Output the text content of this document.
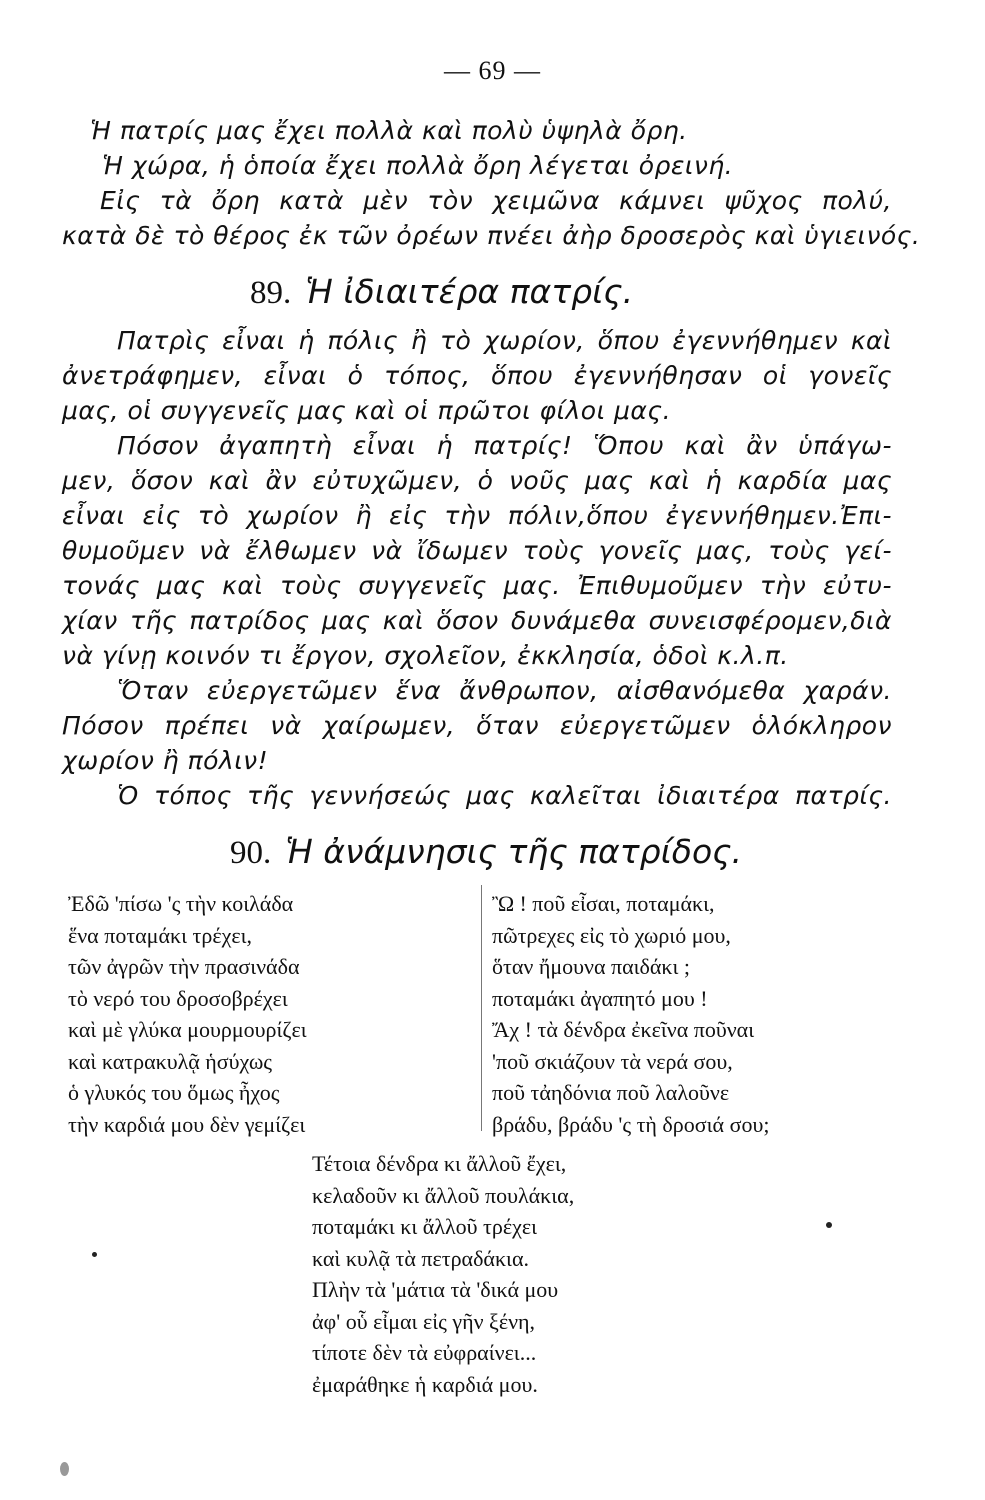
— 69 —
Ἡ πατρίς μας ἔχει πολλὰ καὶ πολὺ ὑψηλὰ ὄρη.
Ἡ χώρα, ἡ ὁποία ἔχει πολλὰ ὄρη λέγεται ὀρεινή.
Εἰς τὰ ὄρη κατὰ μὲν τὸν χειμῶνα κάμνει ψῦχος πολύ,
κατὰ δὲ τὸ θέρος ἐκ τῶν ὀρέων πνέει ἀὴρ δροσερὸς καὶ ὑγιεινός.
89. Ἡ ἰδιαιτέρα πατρίς.
Πατρὶς εἶναι ἡ πόλις ἢ τὸ χωρίον, ὅπου ἐγεννήθημεν καὶ
ἀνετράφημεν, εἶναι ὁ τόπος, ὅπου ἐγεννήθησαν οἱ γονεῖς
μας, οἱ συγγενεῖς μας καὶ οἱ πρῶτοι φίλοι μας.
Πόσον ἀγαπητὴ εἶναι ἡ πατρίς! Ὅπου καὶ ἂν ὑπάγω-
μεν, ὅσον καὶ ἂν εὐτυχῶμεν, ὁ νοῦς μας καὶ ἡ καρδία μας
εἶναι εἰς τὸ χωρίον ἢ εἰς τὴν πόλιν,ὅπου ἐγεννήθημεν.Ἐπι-
θυμοῦμεν νὰ ἔλθωμεν νὰ ἴδωμεν τοὺς γονεῖς μας, τοὺς γεί-
τονάς μας καὶ τοὺς συγγενεῖς μας. Ἐπιθυμοῦμεν τὴν εὐτυ-
χίαν τῆς πατρίδος μας καὶ ὅσον δυνάμεθα συνεισφέρομεν,διὰ
νὰ γίνῃ κοινόν τι ἔργον, σχολεῖον, ἐκκλησία, ὁδοὶ κ.λ.π.
Ὅταν εὐεργετῶμεν ἕνα ἄνθρωπον, αἰσθανόμεθα χαράν.
Πόσον πρέπει νὰ χαίρωμεν, ὅταν εὐεργετῶμεν ὁλόκληρον
χωρίον ἢ πόλιν!
Ὁ τόπος τῆς γεννήσεώς μας καλεῖται ἰδιαιτέρα πατρίς.
90. Ἡ ἀνάμνησις τῆς πατρίδος.
Ἐδῶ 'πίσω 'ς τὴν κοιλάδα
ἕνα ποταμάκι τρέχει,
τῶν ἀγρῶν τὴν πρασινάδα
τὸ νερό του δροσοβρέχει
καὶ μὲ γλύκα μουρμουρίζει
καὶ κατρακυλᾷ ἡσύχως
ὁ γλυκός του ὅμως ἦχος
τὴν καρδιά μου δὲν γεμίζει
Ὢ ! ποῦ εἶσαι, ποταμάκι,
πῶτρεχες εἰς τὸ χωριό μου,
ὅταν ἤμουνα παιδάκι ;
ποταμάκι ἀγαπητό μου !
Ἄχ ! τὰ δένδρα ἐκεῖνα ποῦναι
'ποῦ σκιάζουν τὰ νερά σου,
ποῦ τἀηδόνια ποῦ λαλοῦνε
βράδυ, βράδυ 'ς τὴ δροσιά σου;
Τέτοια δένδρα κι ἄλλοῦ ἔχει,
κελαδοῦν κι ἄλλοῦ πουλάκια,
ποταμάκι κι ἄλλοῦ τρέχει
καὶ κυλᾷ τὰ πετραδάκια.
Πλὴν τὰ 'μάτια τὰ 'δικά μου
ἀφ' οὗ εἶμαι εἰς γῆν ξένη,
τίποτε δὲν τὰ εὐφραίνει...
ἐμαράθηκε ἡ καρδιά μου.
